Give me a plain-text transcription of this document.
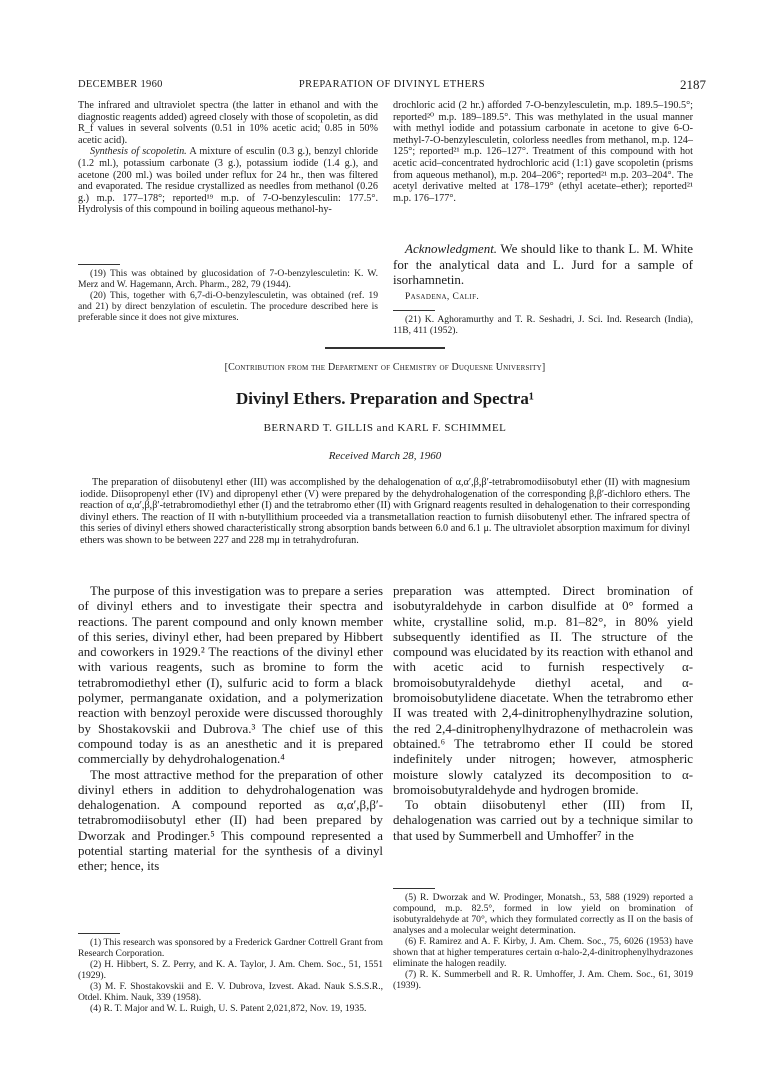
DECEMBER 1960	PREPARATION OF DIVINYL ETHERS	2187

The infrared and ultraviolet spectra (the latter in ethanol and with the diagnostic reagents added) agreed closely with those of scopoletin, as did R_f values in several solvents (0.51 in 10% acetic acid; 0.85 in 50% acetic acid).

Synthesis of scopoletin. A mixture of esculin (0.3 g.), benzyl chloride (1.2 ml.), potassium carbonate (3 g.), potassium iodide (1.4 g.), and acetone (200 ml.) was boiled under reflux for 24 hr., then was filtered and evaporated. The residue crystallized as needles from methanol (0.26 g.) m.p. 177–178°; reported¹⁹ m.p. of 7-O-benzylesculin: 177.5°. Hydrolysis of this compound in boiling aqueous methanol-hy-

(19) This was obtained by glucosidation of 7-O-benzylesculetin: K. W. Merz and W. Hagemann, Arch. Pharm., 282, 79 (1944).

(20) This, together with 6,7-di-O-benzylesculetin, was obtained (ref. 19 and 21) by direct benzylation of esculetin. The procedure described here is preferable since it does not give mixtures.

drochloric acid (2 hr.) afforded 7-O-benzylesculetin, m.p. 189.5–190.5°; reported²⁰ m.p. 189–189.5°. This was methylated in the usual manner with methyl iodide and potassium carbonate in acetone to give 6-O-methyl-7-O-benzylesculetin, colorless needles from methanol, m.p. 124–125°; reported²¹ m.p. 126–127°. Treatment of this compound with hot acetic acid–concentrated hydrochloric acid (1:1) gave scopoletin (prisms from aqueous methanol), m.p. 204–206°; reported²¹ m.p. 203–204°. The acetyl derivative melted at 178–179° (ethyl acetate–ether); reported²¹ m.p. 176–177°.

Acknowledgment. We should like to thank L. M. White for the analytical data and L. Jurd for a sample of isorhamnetin.

Pasadena, Calif.

(21) K. Aghoramurthy and T. R. Seshadri, J. Sci. Ind. Research (India), 11B, 411 (1952).

[Contribution from the Department of Chemistry of Duquesne University]
Divinyl Ethers. Preparation and Spectra¹
BERNARD T. GILLIS and KARL F. SCHIMMEL
Received March 28, 1960

The preparation of diisobutenyl ether (III) was accomplished by the dehalogenation of α,α′,β,β′-tetrabromodiisobutyl ether (II) with magnesium iodide. Diisopropenyl ether (IV) and dipropenyl ether (V) were prepared by the dehydrohalogenation of the corresponding β,β′-dichloro ethers. The reaction of α,α′,β,β′-tetrabromodiethyl ether (I) and the tetrabromo ether (II) with Grignard reagents resulted in dehalogenation to their corresponding divinyl ethers. The reaction of II with n-butyllithium proceeded via a transmetallation reaction to furnish diisobutenyl ether. The infrared spectra of this series of divinyl ethers showed characteristically strong absorption bands between 6.0 and 6.1 μ. The ultraviolet absorption maximum for divinyl ethers was shown to be between 227 and 228 mμ in tetrahydrofuran.

The purpose of this investigation was to prepare a series of divinyl ethers and to investigate their spectra and reactions. The parent compound and only known member of this series, divinyl ether, had been prepared by Hibbert and coworkers in 1929.² The reactions of the divinyl ether with various reagents, such as bromine to form the tetrabromodiethyl ether (I), sulfuric acid to form a black polymer, permanganate oxidation, and a polymerization reaction with benzoyl peroxide were discussed thoroughly by Shostakovskii and Dubrova.³ The chief use of this compound today is as an anesthetic and it is prepared commercially by dehydrohalogenation.⁴

The most attractive method for the preparation of other divinyl ethers in addition to dehydrohalogenation was dehalogenation. A compound reported as α,α′,β,β′-tetrabromodiisobutyl ether (II) had been prepared by Dworzak and Prodinger.⁵ This compound represented a potential starting material for the synthesis of a divinyl ether; hence, its

(1) This research was sponsored by a Frederick Gardner Cottrell Grant from Research Corporation.

(2) H. Hibbert, S. Z. Perry, and K. A. Taylor, J. Am. Chem. Soc., 51, 1551 (1929).

(3) M. F. Shostakovskii and E. V. Dubrova, Izvest. Akad. Nauk S.S.S.R., Otdel. Khim. Nauk, 339 (1958).

(4) R. T. Major and W. L. Ruigh, U. S. Patent 2,021,872, Nov. 19, 1935.

preparation was attempted. Direct bromination of isobutyraldehyde in carbon disulfide at 0° formed a white, crystalline solid, m.p. 81–82°, in 80% yield subsequently identified as II. The structure of the compound was elucidated by its reaction with ethanol and with acetic acid to furnish respectively α-bromoisobutyraldehyde diethyl acetal, and α-bromoisobutylidene diacetate. When the tetrabromo ether II was treated with 2,4-dinitrophenylhydrazine solution, the red 2,4-dinitrophenylhydrazone of methacrolein was obtained.⁶ The tetrabromo ether II could be stored indefinitely under nitrogen; however, atmospheric moisture slowly catalyzed its decomposition to α-bromoisobutyraldehyde and hydrogen bromide.

To obtain diisobutenyl ether (III) from II, dehalogenation was carried out by a technique similar to that used by Summerbell and Umhoffer⁷ in the

(5) R. Dworzak and W. Prodinger, Monatsh., 53, 588 (1929) reported a compound, m.p. 82.5°, formed in low yield on bromination of isobutyraldehyde at 70°, which they formulated correctly as II on the basis of analyses and a molecular weight determination.

(6) F. Ramirez and A. F. Kirby, J. Am. Chem. Soc., 75, 6026 (1953) have shown that at higher temperatures certain α-halo-2,4-dinitrophenylhydrazones eliminate the halogen readily.

(7) R. K. Summerbell and R. R. Umhoffer, J. Am. Chem. Soc., 61, 3019 (1939).
